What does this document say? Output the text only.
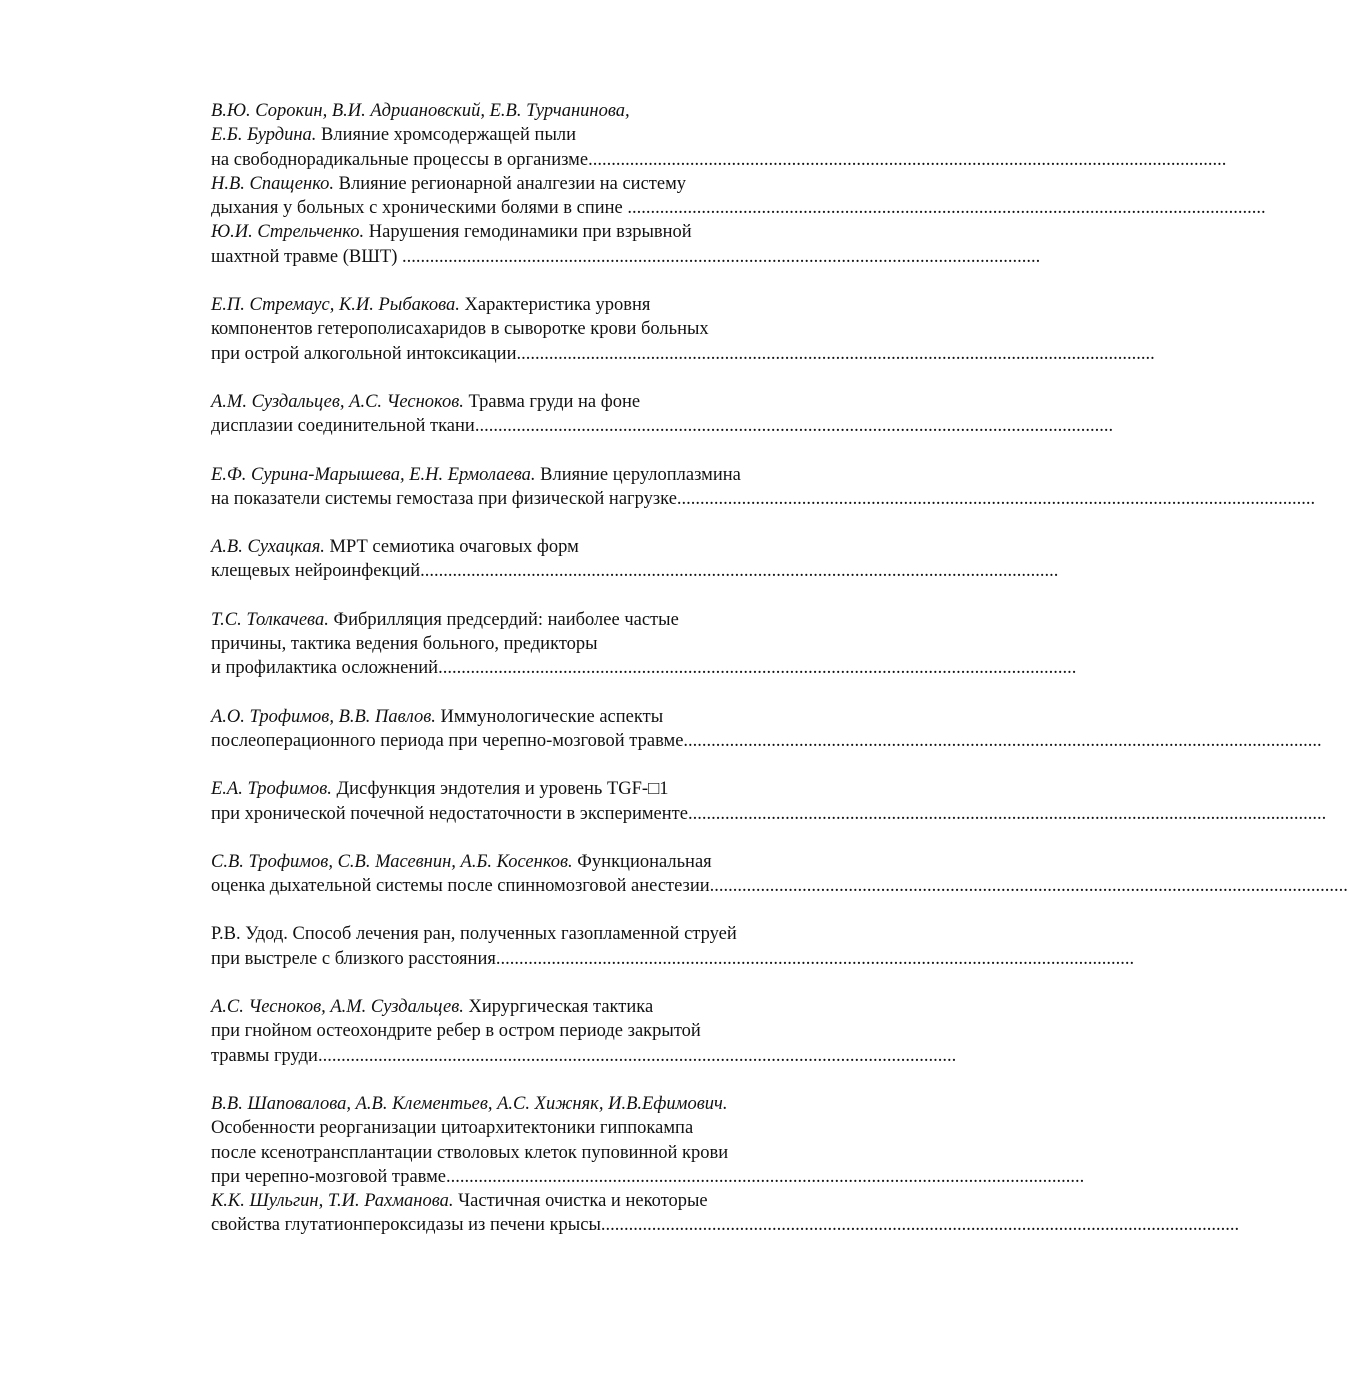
В.Ю. Сорокин, В.И. Адриановский, Е.В. Турчанинова,
Е.Б. Бурдина. Влияние хромсодержащей пыли
на свободнорадикальные процессы в организме..........................................................................................................................................
Н.В. Спащенко. Влияние регионарной аналгезии на систему
дыхания у больных с хроническими болями в спине ..........................................................................................................................................
Ю.И. Стрельченко. Нарушения гемодинамики при взрывной
шахтной травме (ВШТ) ..........................................................................................................................................
Е.П. Стремаус, К.И. Рыбакова. Характеристика уровня
компонентов гетерополисахаридов в сыворотке крови больных
при острой алкогольной интоксикации..........................................................................................................................................
А.М. Суздальцев, А.С. Чесноков. Травма груди на фоне
дисплазии соединительной ткани..........................................................................................................................................
Е.Ф. Сурина-Марышева, Е.Н. Ермолаева. Влияние церулоплазмина
на показатели системы гемостаза при физической нагрузке..........................................................................................................................................
А.В. Сухацкая. МРТ семиотика очаговых форм
клещевых нейроинфекций..........................................................................................................................................
Т.С. Толкачева. Фибрилляция предсердий: наиболее частые
причины, тактика ведения больного, предикторы
и профилактика осложнений..........................................................................................................................................
А.О. Трофимов, В.В. Павлов. Иммунологические аспекты
послеоперационного периода при черепно-мозговой травме..........................................................................................................................................
Е.А. Трофимов. Дисфункция эндотелия и уровень TGF-□1
при хронической почечной недостаточности в эксперименте..........................................................................................................................................
С.В. Трофимов, С.В. Масевнин, А.Б. Косенков. Функциональная
оценка дыхательной системы после спинномозговой анестезии..........................................................................................................................................
Р.В. Удод. Способ лечения ран, полученных газопламенной струей
при выстреле с близкого расстояния..........................................................................................................................................
А.С. Чесноков, А.М. Суздальцев. Хирургическая тактика
при гнойном остеохондрите ребер в остром периоде закрытой
травмы груди..........................................................................................................................................
В.В. Шаповалова, А.В. Клементьев, А.С. Хижняк, И.В.Ефимович.
Особенности реорганизации цитоархитектоники гиппокампа
после ксенотрансплантации стволовых клеток пуповинной крови
при черепно-мозговой травме..........................................................................................................................................
К.К. Шульгин, Т.И. Рахманова. Частичная очистка и некоторые
свойства глутатионпероксидазы из печени крысы..........................................................................................................................................
